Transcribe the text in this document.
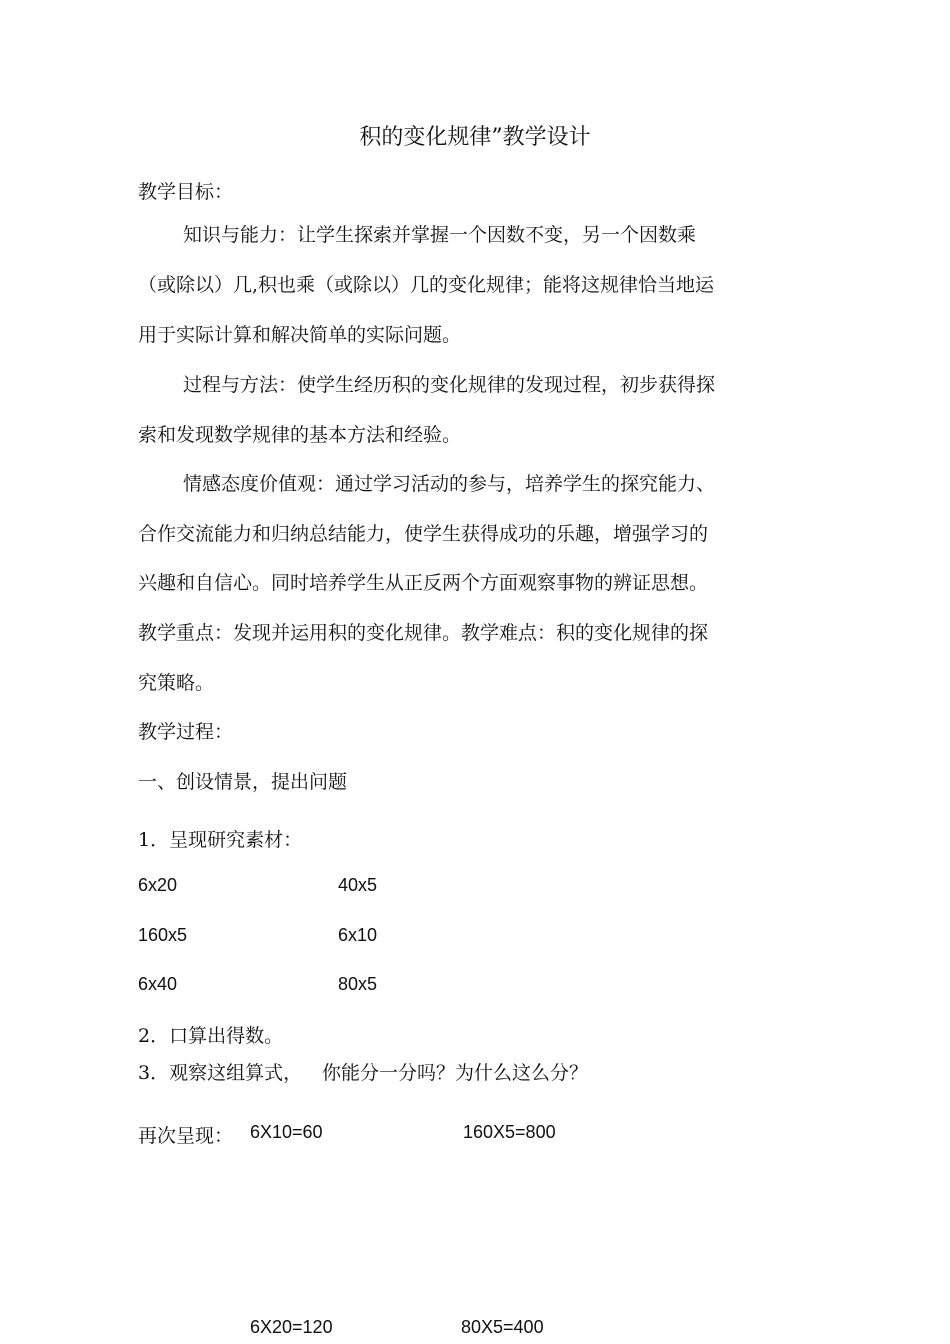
积的变化规律”教学设计
教学目标：
知识与能力：让学生探索并掌握一个因数不变，另一个因数乘
（或除以）几,积也乘（或除以）几的变化规律；能将这规律恰当地运
用于实际计算和解决简单的实际问题。
过程与方法：使学生经历积的变化规律的发现过程，初步获得探
索和发现数学规律的基本方法和经验。
情感态度价值观：通过学习活动的参与，培养学生的探究能力、
合作交流能力和归纳总结能力，使学生获得成功的乐趣，增强学习的
兴趣和自信心。同时培养学生从正反两个方面观察事物的辨证思想。
教学重点：发现并运用积的变化规律。教学难点：积的变化规律的探
究策略。
教学过程：
一、创设情景，提出问题
1．呈现研究素材：
6x20	40x5
160x5	6x10
6x40	80x5
2．口算出得数。
3．观察这组算式，	你能分一分吗？为什么这么分？
再次呈现： 6X10=60	160X5=800
6X20=120	80X5=400
